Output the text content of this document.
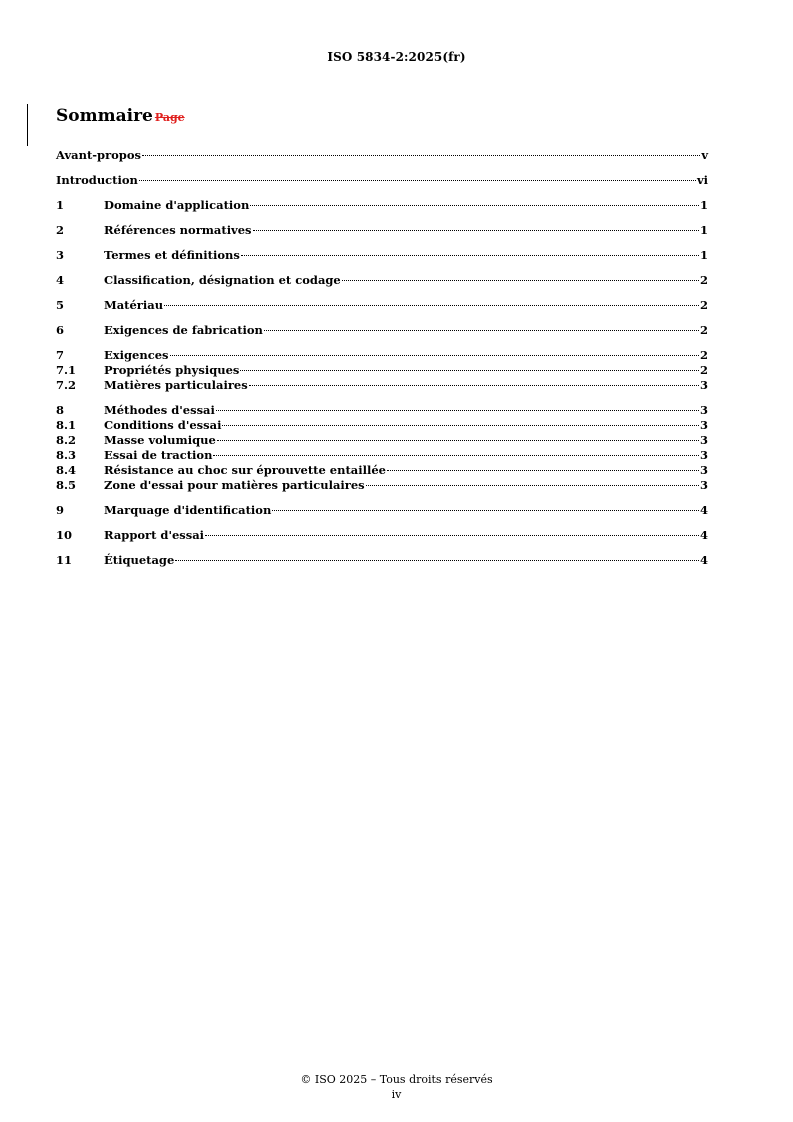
ISO 5834-2:2025(fr)
Sommaire Page
Avant-propos	v
Introduction	vi
1	Domaine d'application	1
2	Références normatives	1
3	Termes et définitions	1
4	Classification, désignation et codage	2
5	Matériau	2
6	Exigences de fabrication	2
7	Exigences	2
7.1	Propriétés physiques	2
7.2	Matières particulaires	3
8	Méthodes d'essai	3
8.1	Conditions d'essai	3
8.2	Masse volumique	3
8.3	Essai de traction	3
8.4	Résistance au choc sur éprouvette entaillée	3
8.5	Zone d'essai pour matières particulaires	3
9	Marquage d'identification	4
10	Rapport d'essai	4
11	Étiquetage	4
© ISO 2025 – Tous droits réservés
iv
